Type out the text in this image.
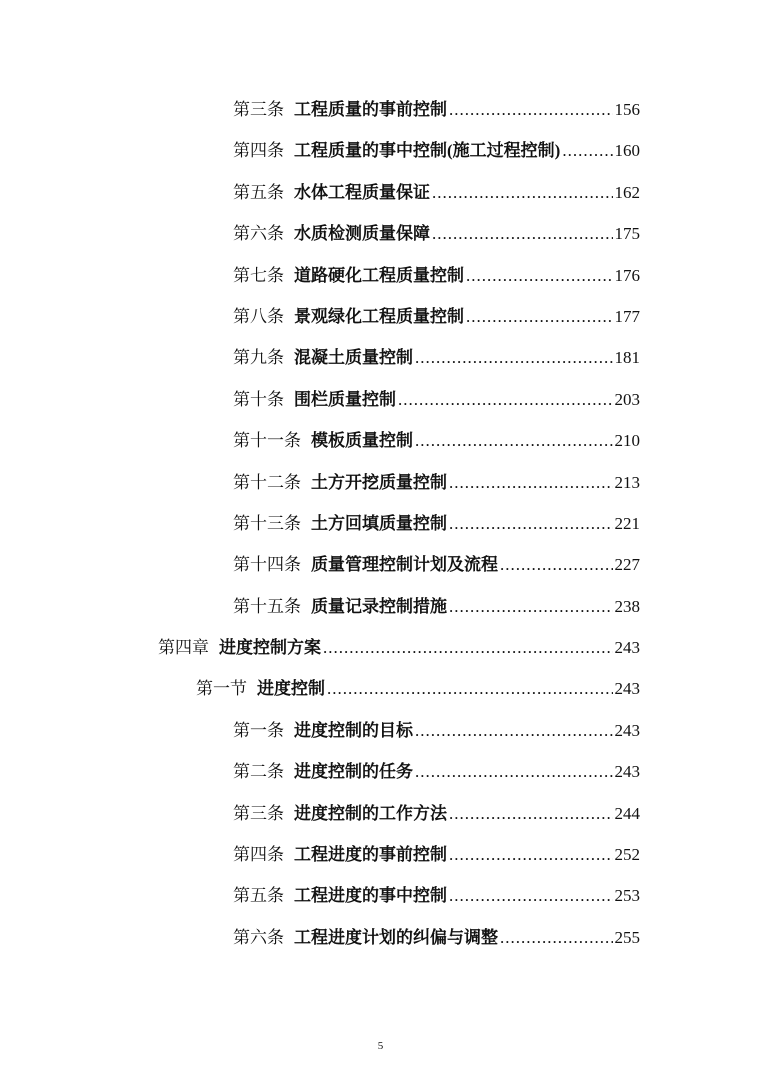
第三条 工程质量的事前控制 .....	156
第四条 工程质量的事中控制(施工过程控制) .....	160
第五条 水体工程质量保证 .....	162
第六条 水质检测质量保障 .....	175
第七条 道路硬化工程质量控制 .....	176
第八条 景观绿化工程质量控制 .....	177
第九条 混凝土质量控制 .....	181
第十条 围栏质量控制 .....	203
第十一条 模板质量控制 .....	210
第十二条 土方开挖质量控制 .....	213
第十三条 土方回填质量控制 .....	221
第十四条 质量管理控制计划及流程 .....	227
第十五条 质量记录控制措施 .....	238
第四章 进度控制方案 .....	243
第一节 进度控制 .....	243
第一条 进度控制的目标 .....	243
第二条 进度控制的任务 .....	243
第三条 进度控制的工作方法 .....	244
第四条 工程进度的事前控制 .....	252
第五条 工程进度的事中控制 .....	253
第六条 工程进度计划的纠偏与调整 .....	255
5
